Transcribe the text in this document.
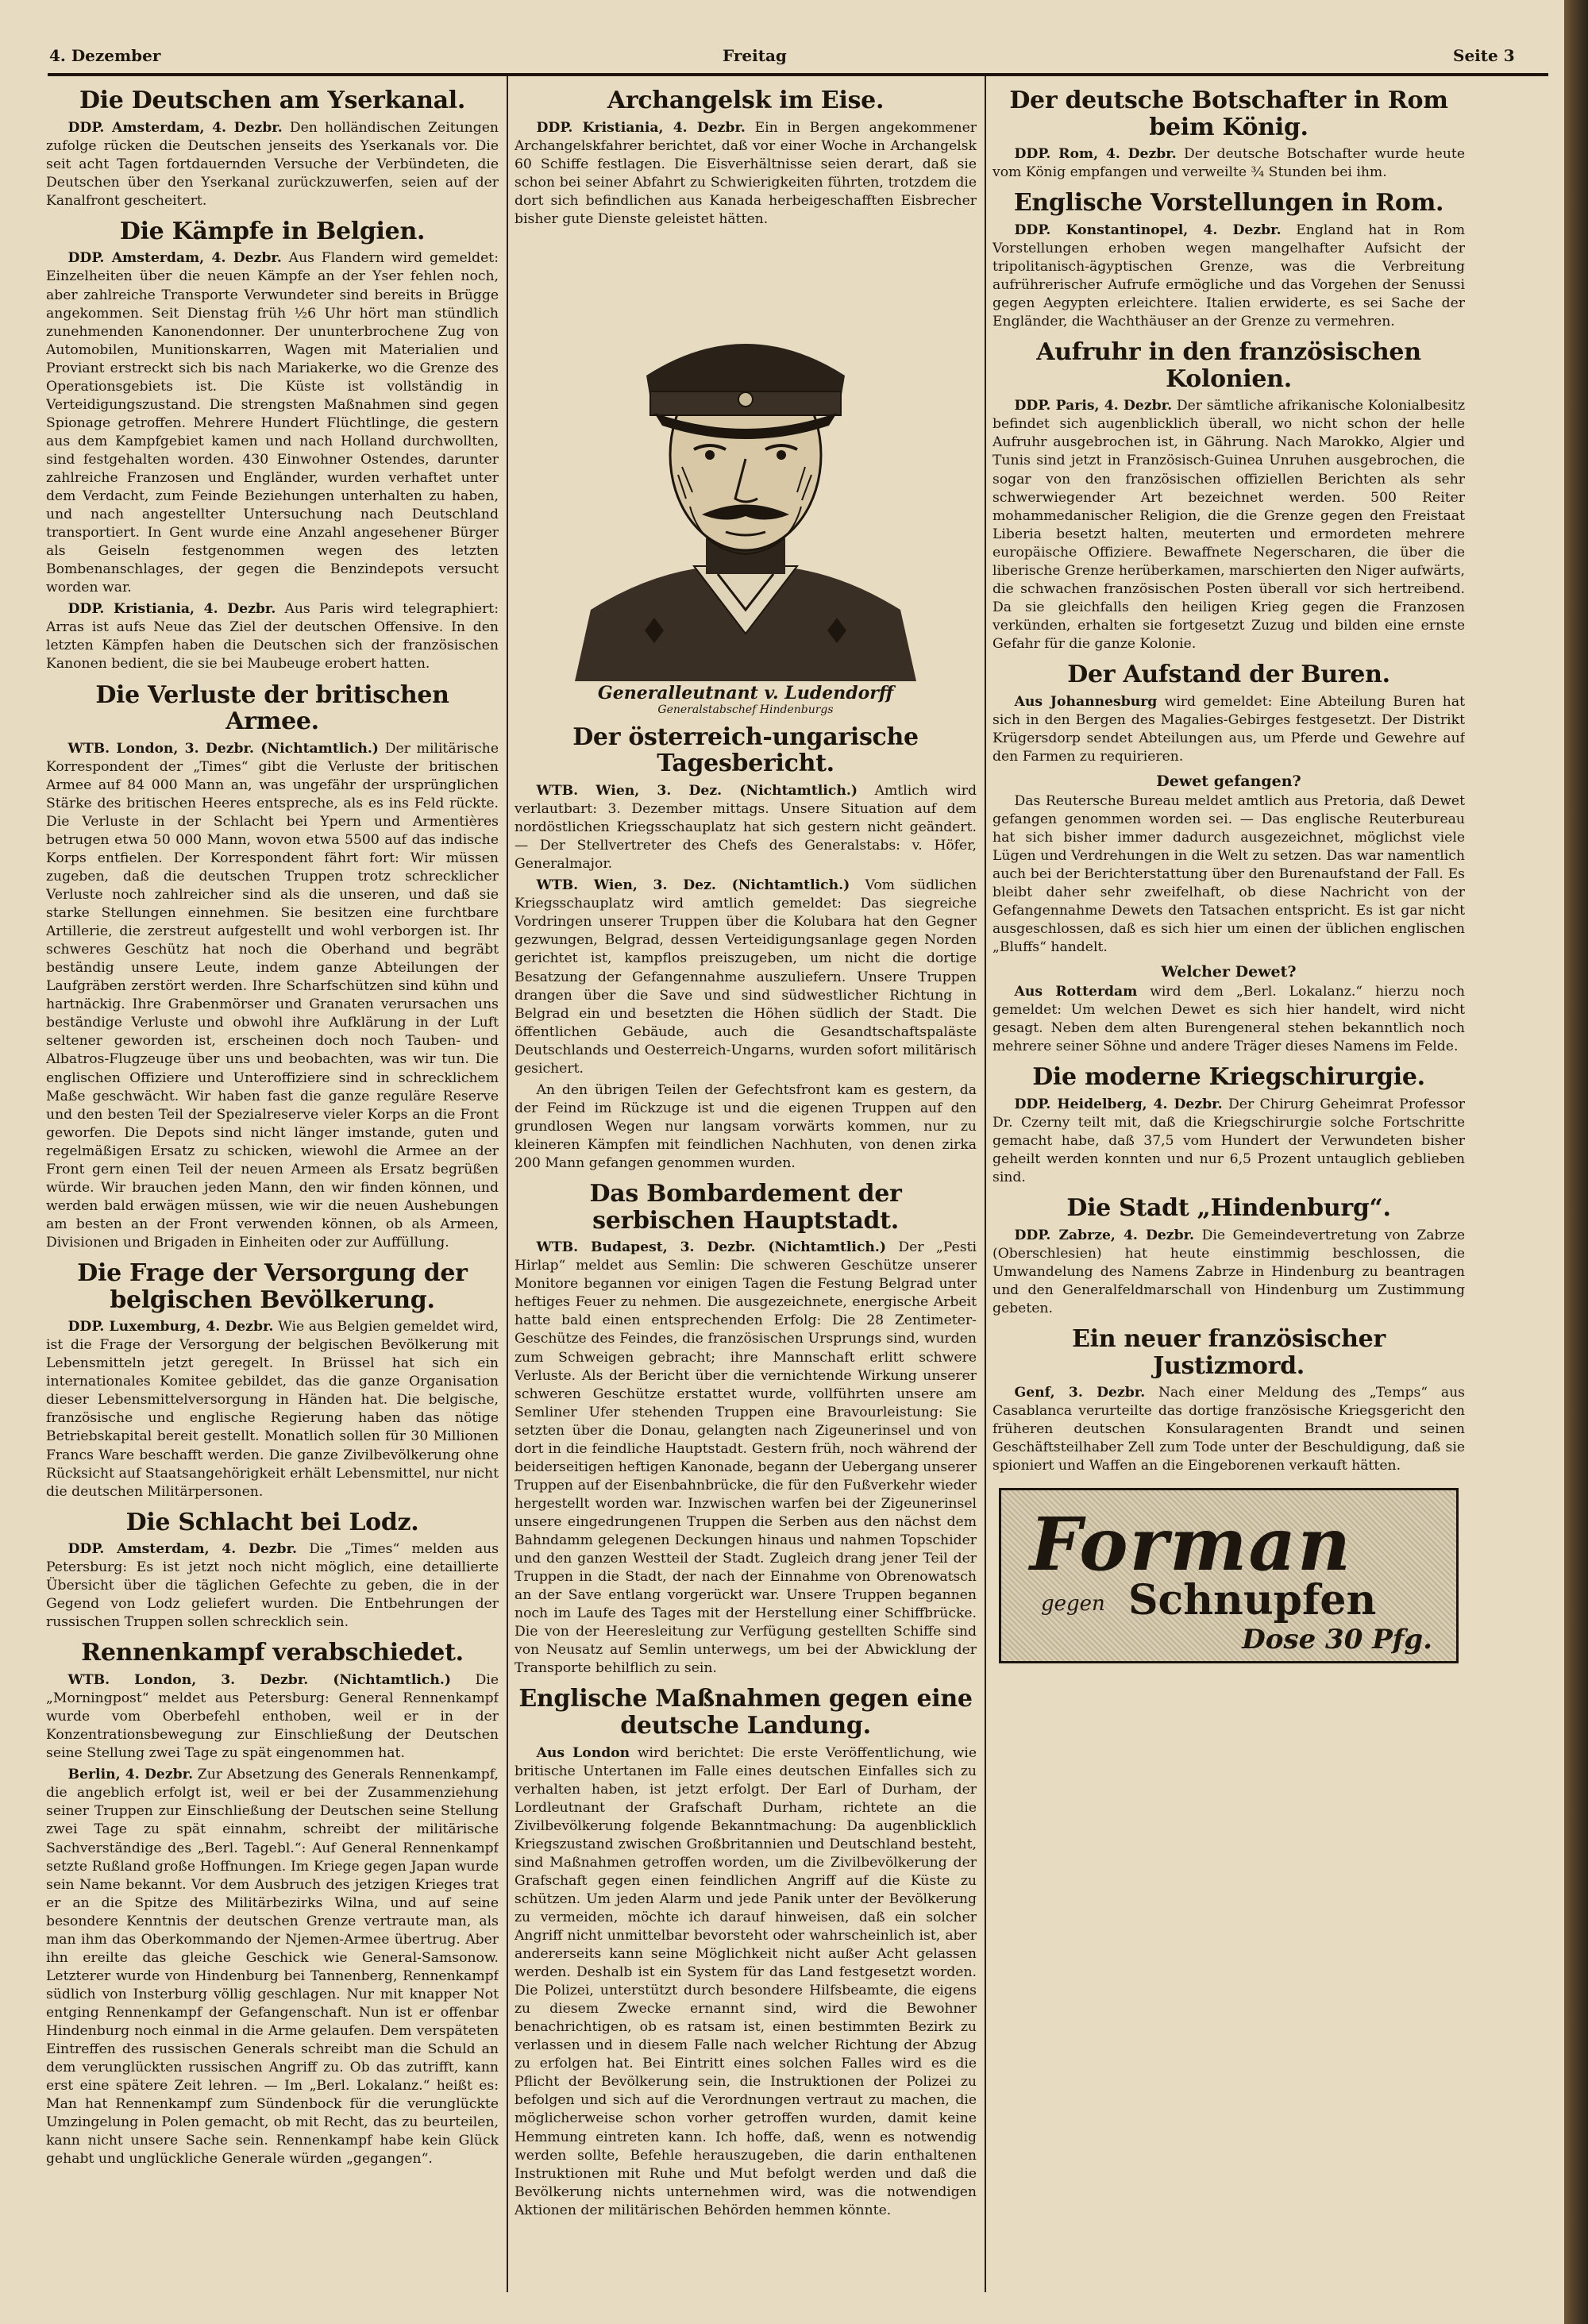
4. Dezember	Freitag	Seite 3
Die Deutschen am Yserkanal.

DDP. Amsterdam, 4. Dezbr. Den holländischen Zeitungen zufolge rücken die Deutschen jenseits des Yserkanals vor. Die seit acht Tagen fortdauernden Versuche der Verbündeten, die Deutschen über den Yserkanal zurückzuwerfen, seien auf der Kanalfront gescheitert.

Die Kämpfe in Belgien.

DDP. Amsterdam, 4. Dezbr. Aus Flandern wird gemeldet: Einzelheiten über die neuen Kämpfe an der Yser fehlen noch, aber zahlreiche Transporte Verwundeter sind bereits in Brügge angekommen. Seit Dienstag früh ½6 Uhr hört man stündlich zunehmenden Kanonendonner. Der ununterbrochene Zug von Automobilen, Munitionskarren, Wagen mit Materialien und Proviant erstreckt sich bis nach Mariakerke, wo die Grenze des Operationsgebiets ist. Die Küste ist vollständig in Verteidigungszustand. Die strengsten Maßnahmen sind gegen Spionage getroffen. Mehrere Hundert Flüchtlinge, die gestern aus dem Kampfgebiet kamen und nach Holland durchwollten, sind festgehalten worden. 430 Einwohner Ostendes, darunter zahlreiche Franzosen und Engländer, wurden verhaftet unter dem Verdacht, zum Feinde Beziehungen unterhalten zu haben, und nach angestellter Untersuchung nach Deutschland transportiert. In Gent wurde eine Anzahl angesehener Bürger als Geiseln festgenommen wegen des letzten Bombenanschlages, der gegen die Benzindepots versucht worden war.

DDP. Kristiania, 4. Dezbr. Aus Paris wird telegraphiert: Arras ist aufs Neue das Ziel der deutschen Offensive. In den letzten Kämpfen haben die Deutschen sich der französischen Kanonen bedient, die sie bei Maubeuge erobert hatten.

Die Verluste der britischen Armee.

WTB. London, 3. Dezbr. (Nichtamtlich.) Der militärische Korrespondent der „Times“ gibt die Verluste der britischen Armee auf 84 000 Mann an, was ungefähr der ursprünglichen Stärke des britischen Heeres entspreche, als es ins Feld rückte. Die Verluste in der Schlacht bei Ypern und Armentières betrugen etwa 50 000 Mann, wovon etwa 5500 auf das indische Korps entfielen. Der Korrespondent fährt fort: Wir müssen zugeben, daß die deutschen Truppen trotz schrecklicher Verluste noch zahlreicher sind als die unseren, und daß sie starke Stellungen einnehmen. Sie besitzen eine furchtbare Artillerie, die zerstreut aufgestellt und wohl verborgen ist. Ihr schweres Geschütz hat noch die Oberhand und begräbt beständig unsere Leute, indem ganze Abteilungen der Laufgräben zerstört werden. Ihre Scharfschützen sind kühn und hartnäckig. Ihre Grabenmörser und Granaten verursachen uns beständige Verluste und obwohl ihre Aufklärung in der Luft seltener geworden ist, erscheinen doch noch Tauben- und Albatros-Flugzeuge über uns und beobachten, was wir tun. Die englischen Offiziere und Unteroffiziere sind in schrecklichem Maße geschwächt. Wir haben fast die ganze reguläre Reserve und den besten Teil der Spezialreserve vieler Korps an die Front geworfen. Die Depots sind nicht länger imstande, guten und regelmäßigen Ersatz zu schicken, wiewohl die Armee an der Front gern einen Teil der neuen Armeen als Ersatz begrüßen würde. Wir brauchen jeden Mann, den wir finden können, und werden bald erwägen müssen, wie wir die neuen Aushebungen am besten an der Front verwenden können, ob als Armeen, Divisionen und Brigaden in Einheiten oder zur Auffüllung.

Die Frage der Versorgung der belgischen Bevölkerung.

DDP. Luxemburg, 4. Dezbr. Wie aus Belgien gemeldet wird, ist die Frage der Versorgung der belgischen Bevölkerung mit Lebensmitteln jetzt geregelt. In Brüssel hat sich ein internationales Komitee gebildet, das die ganze Organisation dieser Lebensmittelversorgung in Händen hat. Die belgische, französische und englische Regierung haben das nötige Betriebskapital bereit gestellt. Monatlich sollen für 30 Millionen Francs Ware beschafft werden. Die ganze Zivilbevölkerung ohne Rücksicht auf Staatsangehörigkeit erhält Lebensmittel, nur nicht die deutschen Militärpersonen.

Die Schlacht bei Lodz.

DDP. Amsterdam, 4. Dezbr. Die „Times“ melden aus Petersburg: Es ist jetzt noch nicht möglich, eine detaillierte Übersicht über die täglichen Gefechte zu geben, die in der Gegend von Lodz geliefert wurden. Die Entbehrungen der russischen Truppen sollen schrecklich sein.

Rennenkampf verabschiedet.

WTB. London, 3. Dezbr. (Nichtamtlich.) Die „Morningpost“ meldet aus Petersburg: General Rennenkampf wurde vom Oberbefehl enthoben, weil er in der Konzentrationsbewegung zur Einschließung der Deutschen seine Stellung zwei Tage zu spät eingenommen hat.

Berlin, 4. Dezbr. Zur Absetzung des Generals Rennenkampf, die angeblich erfolgt ist, weil er bei der Zusammenziehung seiner Truppen zur Einschließung der Deutschen seine Stellung zwei Tage zu spät einnahm, schreibt der militärische Sachverständige des „Berl. Tagebl.“: Auf General Rennenkampf setzte Rußland große Hoffnungen. Im Kriege gegen Japan wurde sein Name bekannt. Vor dem Ausbruch des jetzigen Krieges trat er an die Spitze des Militärbezirks Wilna, und auf seine besondere Kenntnis der deutschen Grenze vertraute man, als man ihm das Oberkommando der Njemen-Armee übertrug. Aber ihn ereilte das gleiche Geschick wie General-Samsonow. Letzterer wurde von Hindenburg bei Tannenberg, Rennenkampf südlich von Insterburg völlig geschlagen. Nur mit knapper Not entging Rennenkampf der Gefangenschaft. Nun ist er offenbar Hindenburg noch einmal in die Arme gelaufen. Dem verspäteten Eintreffen des russischen Generals schreibt man die Schuld an dem verunglückten russischen Angriff zu. Ob das zutrifft, kann erst eine spätere Zeit lehren. — Im „Berl. Lokalanz.“ heißt es: Man hat Rennenkampf zum Sündenbock für die verunglückte Umzingelung in Polen gemacht, ob mit Recht, das zu beurteilen, kann nicht unsere Sache sein. Rennenkampf habe kein Glück gehabt und unglückliche Generale würden „gegangen“.

Archangelsk im Eise.

DDP. Kristiania, 4. Dezbr. Ein in Bergen angekommener Archangelskfahrer berichtet, daß vor einer Woche in Archangelsk 60 Schiffe festlagen. Die Eisverhältnisse seien derart, daß sie schon bei seiner Abfahrt zu Schwierigkeiten führten, trotzdem die dort sich befindlichen aus Kanada herbeigeschafften Eisbrecher bisher gute Dienste geleistet hätten.

Generalleutnant v. Ludendorff
Generalstabschef Hindenburgs
Der österreich-ungarische Tagesbericht.

WTB. Wien, 3. Dez. (Nichtamtlich.) Amtlich wird verlautbart: 3. Dezember mittags. Unsere Situation auf dem nordöstlichen Kriegsschauplatz hat sich gestern nicht geändert. — Der Stellvertreter des Chefs des Generalstabs: v. Höfer, Generalmajor.

WTB. Wien, 3. Dez. (Nichtamtlich.) Vom südlichen Kriegsschauplatz wird amtlich gemeldet: Das siegreiche Vordringen unserer Truppen über die Kolubara hat den Gegner gezwungen, Belgrad, dessen Verteidigungsanlage gegen Norden gerichtet ist, kampflos preiszugeben, um nicht die dortige Besatzung der Gefangennahme auszuliefern. Unsere Truppen drangen über die Save und sind südwestlicher Richtung in Belgrad ein und besetzten die Höhen südlich der Stadt. Die öffentlichen Gebäude, auch die Gesandtschaftspaläste Deutschlands und Oesterreich-Ungarns, wurden sofort militärisch gesichert.

An den übrigen Teilen der Gefechtsfront kam es gestern, da der Feind im Rückzuge ist und die eigenen Truppen auf den grundlosen Wegen nur langsam vorwärts kommen, nur zu kleineren Kämpfen mit feindlichen Nachhuten, von denen zirka 200 Mann gefangen genommen wurden.

Das Bombardement der serbischen Hauptstadt.

WTB. Budapest, 3. Dezbr. (Nichtamtlich.) Der „Pesti Hirlap“ meldet aus Semlin: Die schweren Geschütze unserer Monitore begannen vor einigen Tagen die Festung Belgrad unter heftiges Feuer zu nehmen. Die ausgezeichnete, energische Arbeit hatte bald einen entsprechenden Erfolg: Die 28 Zentimeter-Geschütze des Feindes, die französischen Ursprungs sind, wurden zum Schweigen gebracht; ihre Mannschaft erlitt schwere Verluste. Als der Bericht über die vernichtende Wirkung unserer schweren Geschütze erstattet wurde, vollführten unsere am Semliner Ufer stehenden Truppen eine Bravourleistung: Sie setzten über die Donau, gelangten nach Zigeunerinsel und von dort in die feindliche Hauptstadt. Gestern früh, noch während der beiderseitigen heftigen Kanonade, begann der Uebergang unserer Truppen auf der Eisenbahnbrücke, die für den Fußverkehr wieder hergestellt worden war. Inzwischen warfen bei der Zigeunerinsel unsere eingedrungenen Truppen die Serben aus den nächst dem Bahndamm gelegenen Deckungen hinaus und nahmen Topschider und den ganzen Westteil der Stadt. Zugleich drang jener Teil der Truppen in die Stadt, der nach der Einnahme von Obrenowatsch an der Save entlang vorgerückt war. Unsere Truppen begannen noch im Laufe des Tages mit der Herstellung einer Schiffbrücke. Die von der Heeresleitung zur Verfügung gestellten Schiffe sind von Neusatz auf Semlin unterwegs, um bei der Abwicklung der Transporte behilflich zu sein.

Englische Maßnahmen gegen eine deutsche Landung.

Aus London wird berichtet: Die erste Veröffentlichung, wie britische Untertanen im Falle eines deutschen Einfalles sich zu verhalten haben, ist jetzt erfolgt. Der Earl of Durham, der Lordleutnant der Grafschaft Durham, richtete an die Zivilbevölkerung folgende Bekanntmachung: Da augenblicklich Kriegszustand zwischen Großbritannien und Deutschland besteht, sind Maßnahmen getroffen worden, um die Zivilbevölkerung der Grafschaft gegen einen feindlichen Angriff auf die Küste zu schützen. Um jeden Alarm und jede Panik unter der Bevölkerung zu vermeiden, möchte ich darauf hinweisen, daß ein solcher Angriff nicht unmittelbar bevorsteht oder wahrscheinlich ist, aber andererseits kann seine Möglichkeit nicht außer Acht gelassen werden. Deshalb ist ein System für das Land festgesetzt worden. Die Polizei, unterstützt durch besondere Hilfsbeamte, die eigens zu diesem Zwecke ernannt sind, wird die Bewohner benachrichtigen, ob es ratsam ist, einen bestimmten Bezirk zu verlassen und in diesem Falle nach welcher Richtung der Abzug zu erfolgen hat. Bei Eintritt eines solchen Falles wird es die Pflicht der Bevölkerung sein, die Instruktionen der Polizei zu befolgen und sich auf die Verordnungen vertraut zu machen, die möglicherweise schon vorher getroffen wurden, damit keine Hemmung eintreten kann. Ich hoffe, daß, wenn es notwendig werden sollte, Befehle herauszugeben, die darin enthaltenen Instruktionen mit Ruhe und Mut befolgt werden und daß die Bevölkerung nichts unternehmen wird, was die notwendigen Aktionen der militärischen Behörden hemmen könnte.

Der deutsche Botschafter in Rom beim König.

DDP. Rom, 4. Dezbr. Der deutsche Botschafter wurde heute vom König empfangen und verweilte ¾ Stunden bei ihm.

Englische Vorstellungen in Rom.

DDP. Konstantinopel, 4. Dezbr. England hat in Rom Vorstellungen erhoben wegen mangelhafter Aufsicht der tripolitanisch-ägyptischen Grenze, was die Verbreitung aufrührerischer Aufrufe ermögliche und das Vorgehen der Senussi gegen Aegypten erleichtere. Italien erwiderte, es sei Sache der Engländer, die Wachthäuser an der Grenze zu vermehren.

Aufruhr in den französischen Kolonien.

DDP. Paris, 4. Dezbr. Der sämtliche afrikanische Kolonialbesitz befindet sich augenblicklich überall, wo nicht schon der helle Aufruhr ausgebrochen ist, in Gährung. Nach Marokko, Algier und Tunis sind jetzt in Französisch-Guinea Unruhen ausgebrochen, die sogar von den französischen offiziellen Berichten als sehr schwerwiegender Art bezeichnet werden. 500 Reiter mohammedanischer Religion, die die Grenze gegen den Freistaat Liberia besetzt halten, meuterten und ermordeten mehrere europäische Offiziere. Bewaffnete Negerscharen, die über die liberische Grenze herüberkamen, marschierten den Niger aufwärts, die schwachen französischen Posten überall vor sich hertreibend. Da sie gleichfalls den heiligen Krieg gegen die Franzosen verkünden, erhalten sie fortgesetzt Zuzug und bilden eine ernste Gefahr für die ganze Kolonie.

Der Aufstand der Buren.

Aus Johannesburg wird gemeldet: Eine Abteilung Buren hat sich in den Bergen des Magalies-Gebirges festgesetzt. Der Distrikt Krügersdorp sendet Abteilungen aus, um Pferde und Gewehre auf den Farmen zu requirieren.

Dewet gefangen?

Das Reutersche Bureau meldet amtlich aus Pretoria, daß Dewet gefangen genommen worden sei. — Das englische Reuterbureau hat sich bisher immer dadurch ausgezeichnet, möglichst viele Lügen und Verdrehungen in die Welt zu setzen. Das war namentlich auch bei der Berichterstattung über den Burenaufstand der Fall. Es bleibt daher sehr zweifelhaft, ob diese Nachricht von der Gefangennahme Dewets den Tatsachen entspricht. Es ist gar nicht ausgeschlossen, daß es sich hier um einen der üblichen englischen „Bluffs“ handelt.

Welcher Dewet?

Aus Rotterdam wird dem „Berl. Lokalanz.“ hierzu noch gemeldet: Um welchen Dewet es sich hier handelt, wird nicht gesagt. Neben dem alten Burengeneral stehen bekanntlich noch mehrere seiner Söhne und andere Träger dieses Namens im Felde.

Die moderne Kriegschirurgie.

DDP. Heidelberg, 4. Dezbr. Der Chirurg Geheimrat Professor Dr. Czerny teilt mit, daß die Kriegschirurgie solche Fortschritte gemacht habe, daß 37,5 vom Hundert der Verwundeten bisher geheilt werden konnten und nur 6,5 Prozent untauglich geblieben sind.

Die Stadt „Hindenburg“.

DDP. Zabrze, 4. Dezbr. Die Gemeindevertretung von Zabrze (Oberschlesien) hat heute einstimmig beschlossen, die Umwandelung des Namens Zabrze in Hindenburg zu beantragen und den Generalfeldmarschall von Hindenburg um Zustimmung gebeten.

Ein neuer französischer Justizmord.

Genf, 3. Dezbr. Nach einer Meldung des „Temps“ aus Casablanca verurteilte das dortige französische Kriegsgericht den früheren deutschen Konsularagenten Brandt und seinen Geschäftsteilhaber Zell zum Tode unter der Beschuldigung, daß sie spioniert und Waffen an die Eingeborenen verkauft hätten.

Forman
gegen Schnupfen
Dose 30 Pfg.
